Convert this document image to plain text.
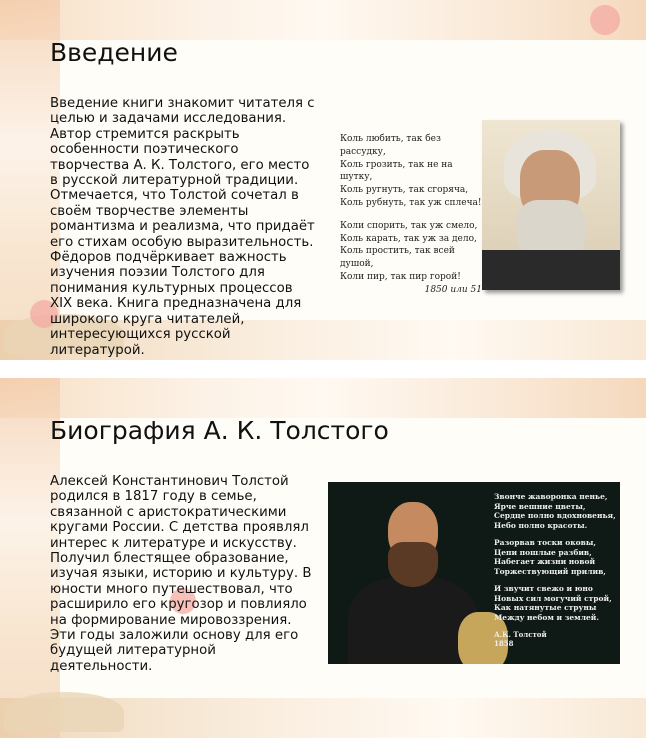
Введение
Введение книги знакомит читателя с целью и задачами исследования. Автор стремится раскрыть особенности поэтического творчества А. К. Толстого, его место в русской литературной традиции. Отмечается, что Толстой сочетал в своём творчестве элементы романтизма и реализма, что придаёт его стихам особую выразительность. Фёдоров подчёркивает важность изучения поэзии Толстого для понимания культурных процессов XIX века. Книга предназначена для широкого круга читателей, интересующихся русской литературой.
Коль любить, так без рассудку,
Коль грозить, так не на шутку,
Коль ругнуть, так сгоряча,
Коль рубнуть, так уж сплеча!
Коли спорить, так уж смело,
Коль карать, так уж за дело,
Коль простить, так всей
душой,
Коли пир, так пир горой!
1850 или 51
Биография А. К. Толстого
Алексей Константинович Толстой родился в 1817 году в семье, связанной с аристократическими кругами России. С детства проявлял интерес к литературе и искусству. Получил блестящее образование, изучая языки, историю и культуру. В юности много путешествовал, что расширило его кругозор и повлияло на формирование мировоззрения. Эти годы заложили основу для его будущей литературной деятельности.
Звонче жаворонка пенье,
Ярче вешние цветы,
Сердце полно вдохновенья,
Небо полно красоты.
Разорвав тоски оковы,
Цепи пошлые разбив,
Набегает жизни новой
Торжествующий прилив,
И звучит свежо и юно
Новых сил могучий строй,
Как натянутые струны
Между небом и землей.
А.К. Толстой
1858
